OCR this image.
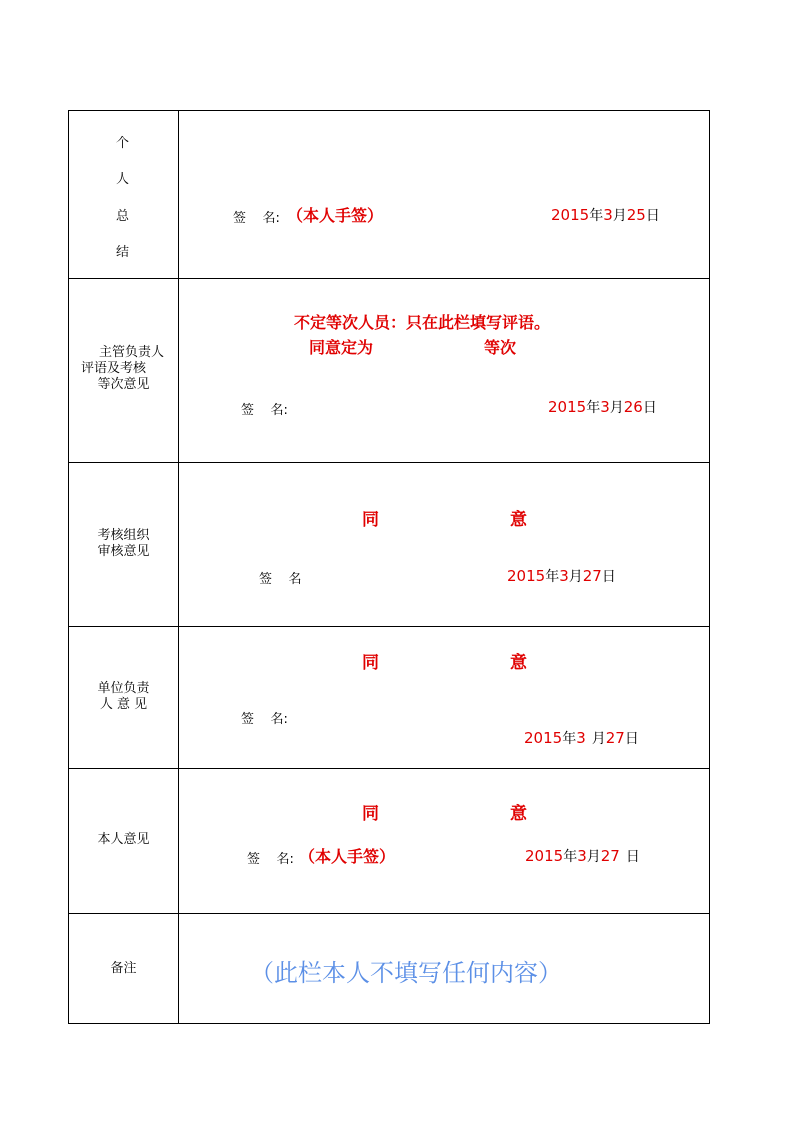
个
人
总
结
签    名: （本人手签）	2015年3月25日
主管负责人
评语及考核
等次意见
不定等次人员：只在此栏填写评语。
同意定为	等次
签    名:	2015年3月26日
考核组织
审核意见
同	意
签    名	2015年3月27日
单位负责
人 意 见
同	意
签    名:
2015年3 月27日
本人意见
同	意
签    名: （本人手签）	2015年3月27 日
备注	（此栏本人不填写任何内容）
